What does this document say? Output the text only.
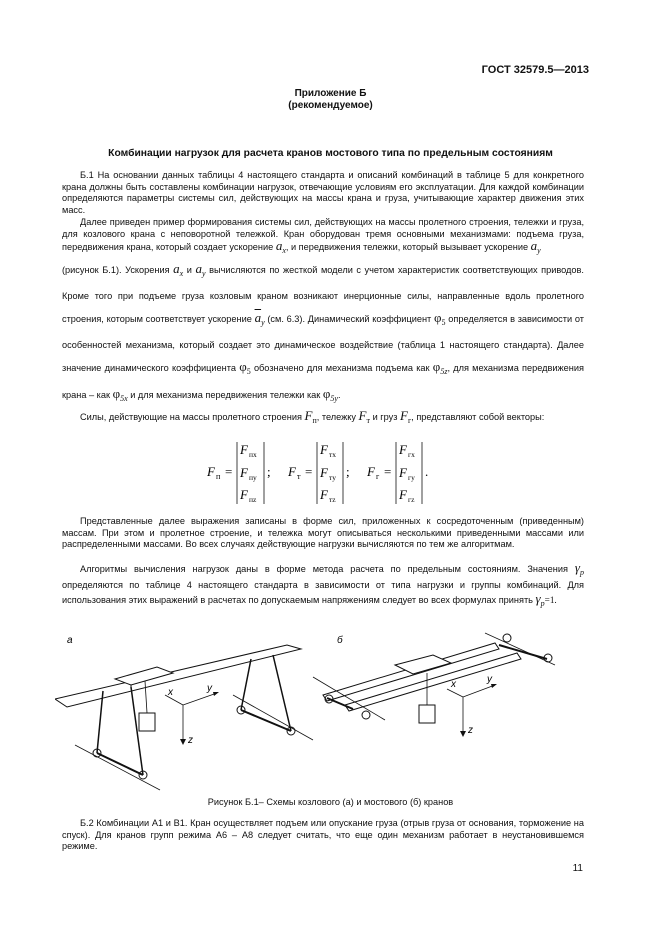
ГОСТ 32579.5—2013
Приложение Б
(рекомендуемое)
Комбинации нагрузок для расчета кранов мостового типа по предельным состояниям

Б.1 На основании данных таблицы 4 настоящего стандарта и описаний комбинаций в таблице 5 для конкретного крана должны быть составлены комбинации нагрузок, отвечающие условиям его эксплуатации. Для каждой комбинации определяются параметры системы сил, действующих на массы крана и груза, учитывающие характер движения этих масс.

Далее приведен пример формирования системы сил, действующих на массы пролетного строения, тележки и груза, для козлового крана с неповоротной тележкой. Кран оборудован тремя основными механизмами: подъема груза, передвижения крана, который создает ускорение ax, и передвижения тележки, который вызывает ускорение ay

(рисунок Б.1). Ускорения ax и ay вычисляются по жесткой модели с учетом характеристик соответствующих приводов. Кроме того при подъеме груза козловым краном возникают инерционные силы, направленные вдоль пролетного строения, которым соответствует ускорение $\overline{a}y$ (см. 6.3). Динамический коэффициент φ5 определяется в зависимости от особенностей механизма, который создает это динамическое воздействие (таблица 1 настоящего стандарта). Далее значение динамического коэффициента φ5 обозначено для механизма подъема как φ5z, для механизма передвижения крана – как φ5x и для механизма передвижения тележки как φ5y.

Силы, действующие на массы пролетного строения Fп, тележку Fт и груз Fг, представляют собой векторы:

F п =
F пx
F пy
F пz
; F т =
F тx
F тy
F тz
; F г =
F гx
F гy
F гz
.

Представленные далее выражения записаны в форме сил, приложенных к сосредоточенным (приведенным) массам. При этом и пролетное строение, и тележка могут описываться несколькими приведенными массами или распределенными массами. Во всех случаях действующие нагрузки вычисляются по тем же алгоритмам.

Алгоритмы вычисления нагрузок даны в форме метода расчета по предельным состояниям. Значения γp определяются по таблице 4 настоящего стандарта в зависимости от типа нагрузки и группы комбинаций. Для использования этих выражений в расчетах по допускаемым напряжениям следует во всех формулах принять γp=1.

а
x	y
z
б
x	y
z
Рисунок Б.1– Схемы козлового (а) и мостового (б) кранов

Б.2 Комбинации А1 и В1. Кран осуществляет подъем или опускание груза (отрыв груза от основания, торможение на спуск). Для кранов групп режима А6 – А8 следует считать, что еще один механизм работает в неустановившемся режиме.

11
